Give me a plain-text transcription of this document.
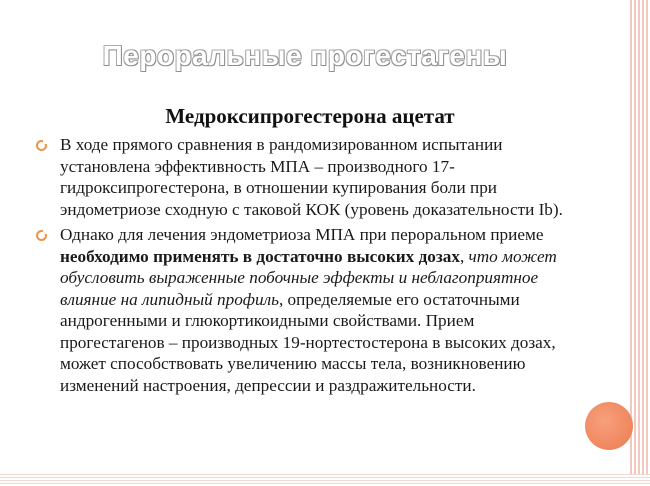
Пероральные прогестагены
Медроксипрогестерона ацетат
В ходе прямого сравнения в рандомизированном испытании установлена эффективность МПА – производного 17-гидроксипрогестерона, в отношении купирования боли при эндометриозе сходную с таковой КОК (уровень доказательности Ib).
Однако для лечения эндометриоза МПА при пероральном приеме необходимо применять в достаточно высоких дозах, что может обусловить выраженные побочные эффекты и неблагоприятное влияние на липидный профиль, определяемые его остаточными андрогенными и глюкортикоидными свойствами. Прием прогестагенов – производных 19-нортестостерона в высоких дозах, может способствовать увеличению массы тела, возникновению изменений настроения, депрессии и раздражительности.
